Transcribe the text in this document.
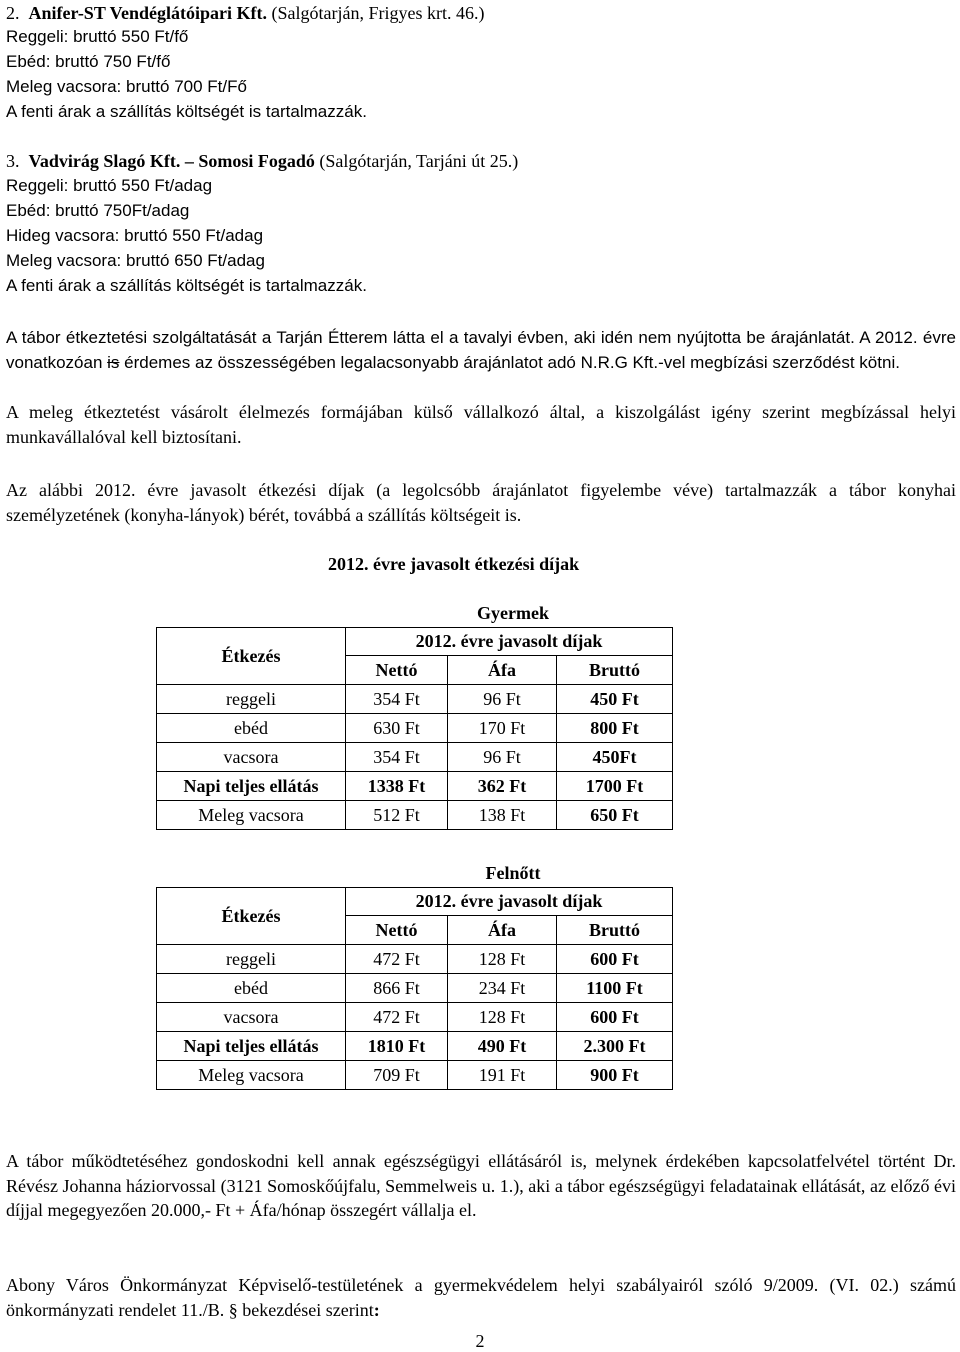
2. Anifer-ST Vendéglátóipari Kft. (Salgótarján, Frigyes krt. 46.)
Reggeli: bruttó 550 Ft/fő
Ebéd: bruttó 750 Ft/fő
Meleg vacsora: bruttó 700 Ft/Fő
A fenti árak a szállítás költségét is tartalmazzák.
3. Vadvirág Slagó Kft. – Somosi Fogadó (Salgótarján, Tarjáni út 25.)
Reggeli: bruttó 550 Ft/adag
Ebéd: bruttó 750Ft/adag
Hideg vacsora: bruttó 550 Ft/adag
Meleg vacsora: bruttó 650 Ft/adag
A fenti árak a szállítás költségét is tartalmazzák.
A tábor étkeztetési szolgáltatását a Tarján Étterem látta el a tavalyi évben, aki idén nem nyújtotta be árajánlatát. A 2012. évre vonatkozóan is érdemes az összességében legalacsonyabb árajánlatot adó N.R.G Kft.-vel megbízási szerződést kötni.
A meleg étkeztetést vásárolt élelmezés formájában külső vállalkozó által, a kiszolgálást igény szerint megbízással helyi munkavállalóval kell biztosítani.
Az alábbi 2012. évre javasolt étkezési díjak (a legolcsóbb árajánlatot figyelembe véve) tartalmazzák a tábor konyhai személyzetének (konyha-lányok) bérét, továbbá a szállítás költségeit is.
2012. évre javasolt étkezési díjak
Gyermek
Étkezés	2012. évre javasolt díjak		
	Nettó	Áfa	Bruttó
reggeli	354 Ft	96 Ft	450 Ft
ebéd	630 Ft	170 Ft	800 Ft
vacsora	354 Ft	96 Ft	450Ft
Napi teljes ellátás	1338 Ft	362 Ft	1700 Ft
Meleg vacsora	512 Ft	138 Ft	650 Ft
Felnőtt
Étkezés	2012. évre javasolt díjak		
	Nettó	Áfa	Bruttó
reggeli	472 Ft	128 Ft	600 Ft
ebéd	866 Ft	234 Ft	1100 Ft
vacsora	472 Ft	128 Ft	600 Ft
Napi teljes ellátás	1810 Ft	490 Ft	2.300 Ft
Meleg vacsora	709 Ft	191 Ft	900 Ft
A tábor működtetéséhez gondoskodni kell annak egészségügyi ellátásáról is, melynek érdekében kapcsolatfelvétel történt Dr. Révész Johanna háziorvossal (3121 Somoskőújfalu, Semmelweis u. 1.), aki a tábor egészségügyi feladatainak ellátását, az előző évi díjjal megegyezően 20.000,- Ft + Áfa/hónap összegért vállalja el.
Abony Város Önkormányzat Képviselő-testületének a gyermekvédelem helyi szabályairól szóló 9/2009. (VI. 02.) számú önkormányzati rendelet 11./B. § bekezdései szerint:
2
